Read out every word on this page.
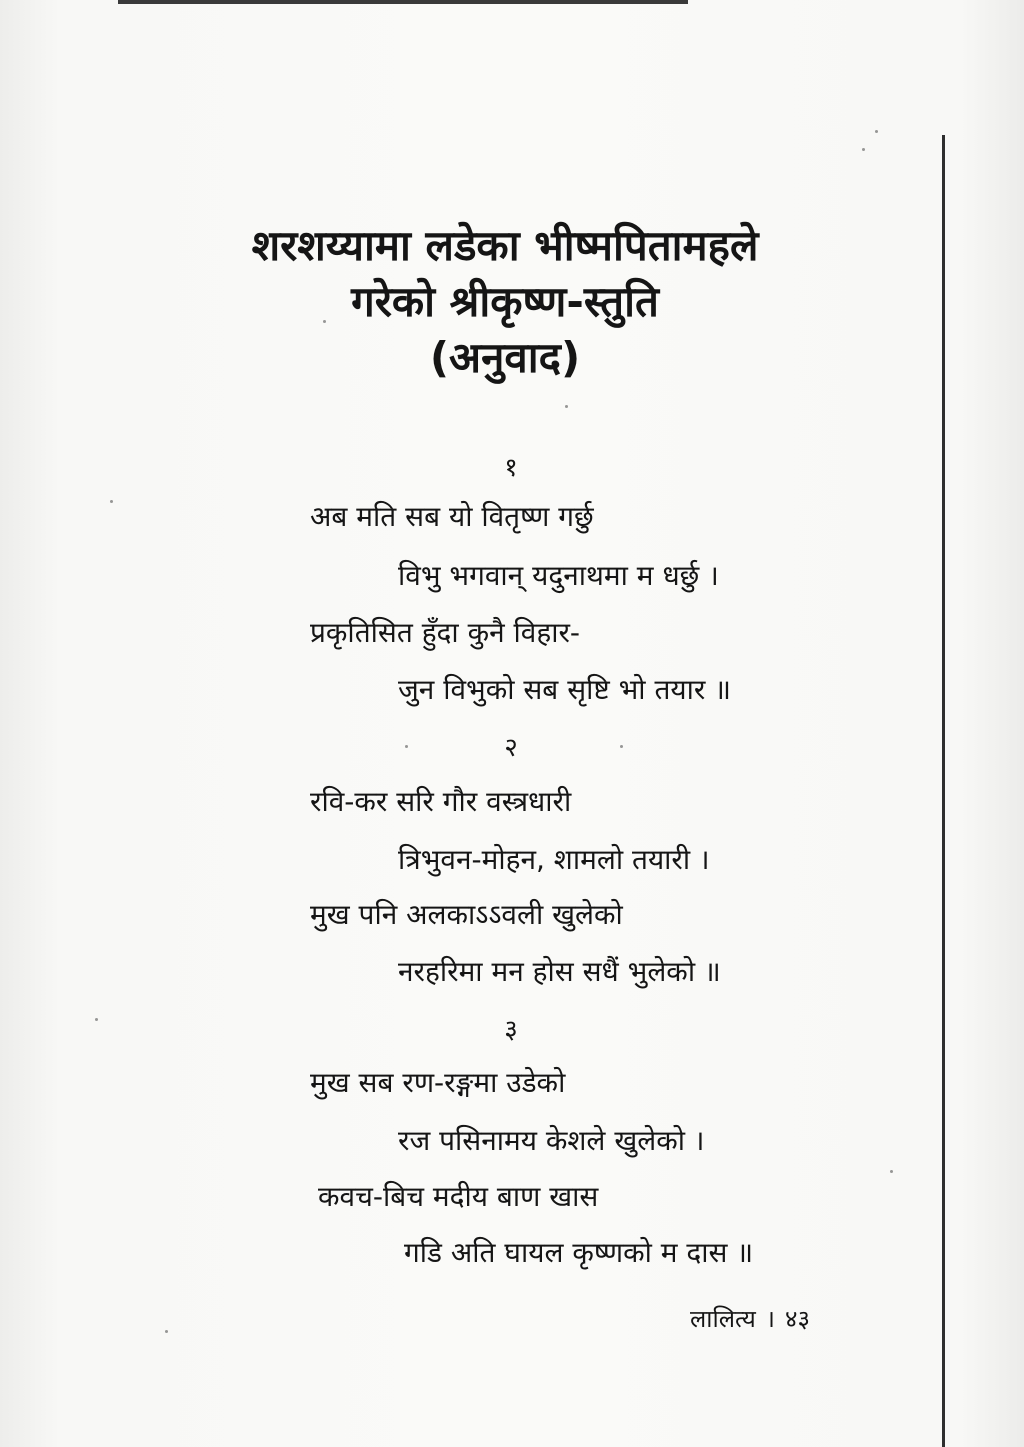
शरशय्यामा लडेका भीष्मपितामहले
गरेको श्रीकृष्ण-स्तुति
(अनुवाद)
१
अब मति सब यो वितृष्ण गर्छु
विभु भगवान् यदुनाथमा म धर्छु ।
प्रकृतिसित हुँदा कुनै विहार-
जुन विभुको सब सृष्टि भो तयार ॥
२
रवि-कर सरि गौर वस्त्रधारी
त्रिभुवन-मोहन, शामलो तयारी ।
मुख पनि अलकाऽऽवली खुलेको
नरहरिमा मन होस सधैं भुलेको ॥
३
मुख सब रण-रङ्गमा उडेको
रज पसिनामय केशले खुलेको ।
कवच-बिच मदीय बाण खास
गडि अति घायल कृष्णको म दास ॥
लालित्य । ४३
